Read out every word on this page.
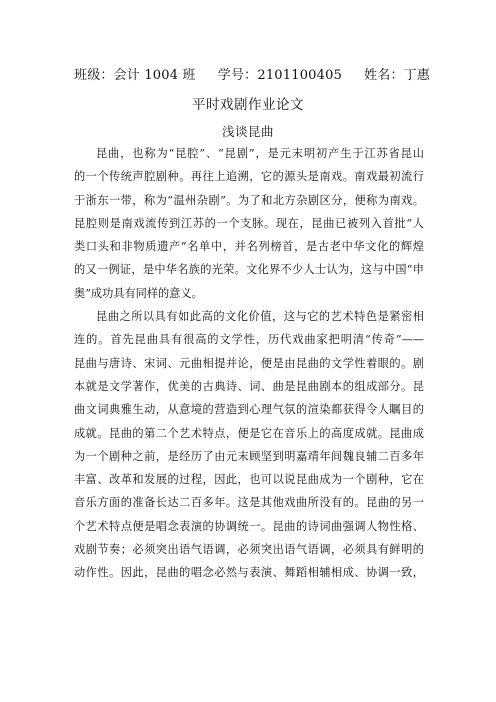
班级：会计 1004 班 学号：2101100405 姓名：丁惠
平时戏剧作业论文
浅谈昆曲
昆曲，也称为“昆腔”、“昆剧”，是元末明初产生于江苏省昆山
的一个传统声腔剧种。再往上追溯，它的源头是南戏。南戏最初流行
于浙东一带，称为“温州杂剧”。为了和北方杂剧区分，便称为南戏。
昆腔则是南戏流传到江苏的一个支脉。现在，昆曲已被列入首批“人
类口头和非物质遗产”名单中，并名列榜首，是古老中华文化的辉煌
的又一例证，是中华名族的光荣。文化界不少人士认为，这与中国“申
奥”成功具有同样的意义。
昆曲之所以具有如此高的文化价值，这与它的艺术特色是紧密相
连的。首先昆曲具有很高的文学性，历代戏曲家把明清“传奇”——
昆曲与唐诗、宋词、元曲相提并论，便是由昆曲的文学性着眼的。剧
本就是文学著作，优美的古典诗、词、曲是昆曲剧本的组成部分。昆
曲文词典雅生动，从意境的营造到心理气氛的渲染都获得令人瞩目的
成就。昆曲的第二个艺术特点，便是它在音乐上的高度成就。昆曲成
为一个剧种之前，是经历了由元末顾坚到明嘉靖年间魏良辅二百多年
丰富、改革和发展的过程，因此，也可以说昆曲成为一个剧种，它在
音乐方面的准备长达二百多年。这是其他戏曲所没有的。昆曲的另一
个艺术特点便是唱念表演的协调统一。昆曲的诗词曲强调人物性格、
戏剧节奏；必须突出语气语调，必须突出语气语调，必须具有鲜明的
动作性。因此，昆曲的唱念必然与表演、舞蹈相辅相成、协调一致，
